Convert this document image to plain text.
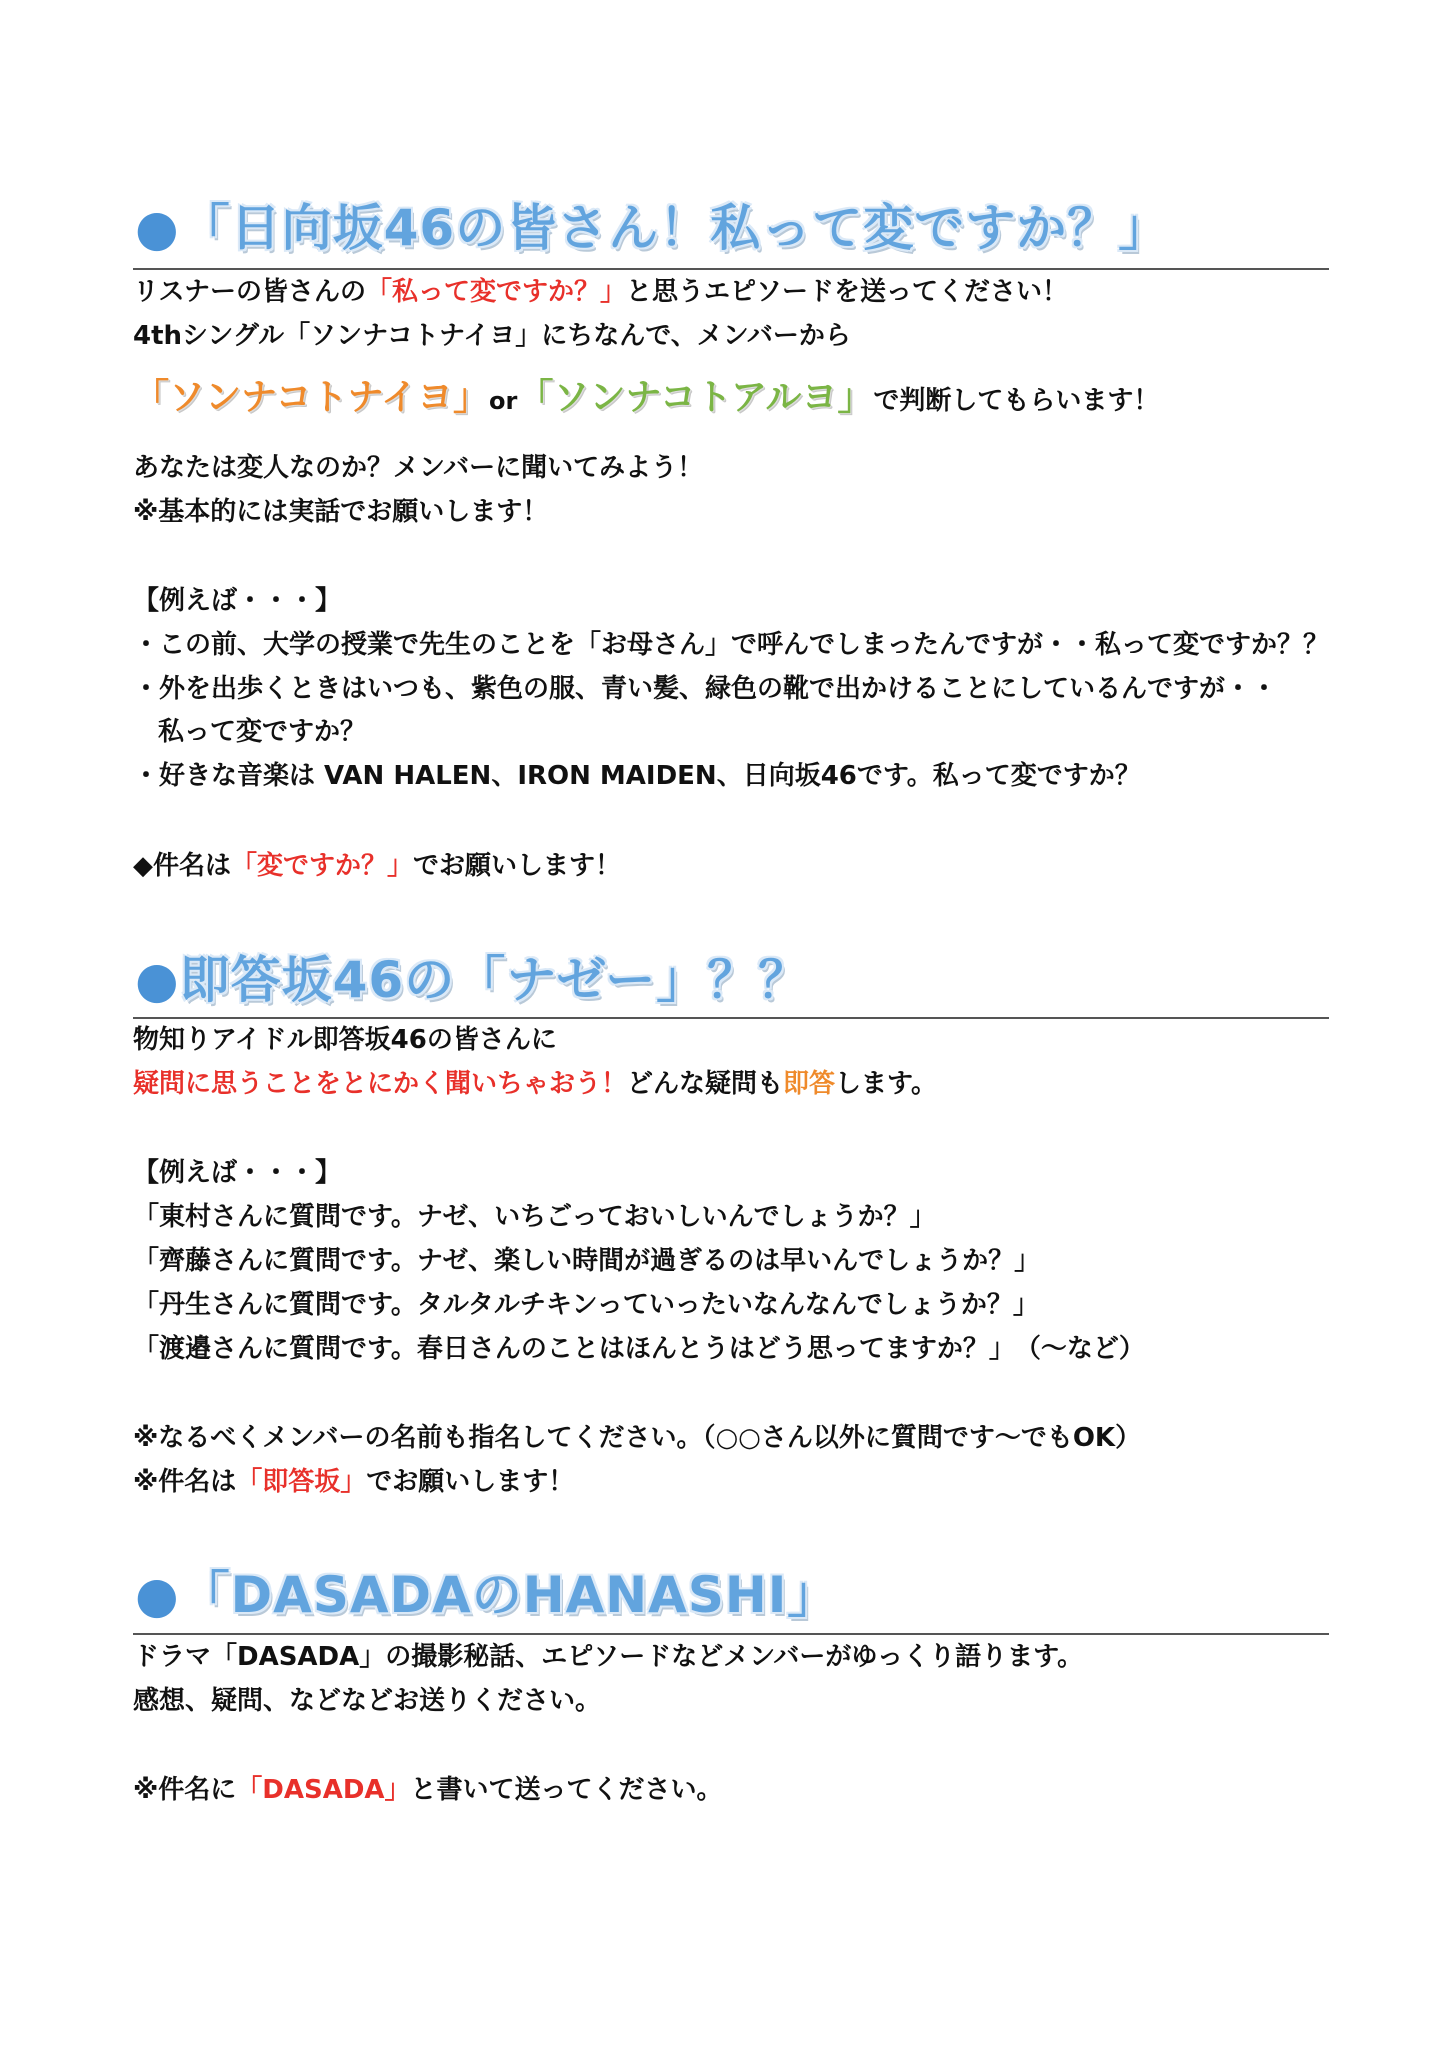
●「日向坂46の皆さん！私って変ですか？」
リスナーの皆さんの「私って変ですか？」と思うエピソードを送ってください！
4thシングル「ソンナコトナイヨ」にちなんで、メンバーから
「ソンナコトナイヨ」or「ソンナコトアルヨ」で判断してもらいます！
あなたは変人なのか？メンバーに聞いてみよう！
※基本的には実話でお願いします！
【例えば・・・】
・この前、大学の授業で先生のことを「お母さん」で呼んでしまったんですが・・私って変ですか？？
・外を出歩くときはいつも、紫色の服、青い髪、緑色の靴で出かけることにしているんですが・・
私って変ですか？
・好きな音楽は VAN HALEN、IRON MAIDEN、日向坂46です。私って変ですか？
◆件名は「変ですか？」でお願いします！
●即答坂46の「ナゼー」？？
物知りアイドル即答坂46の皆さんに
疑問に思うことをとにかく聞いちゃおう！どんな疑問も即答します。
【例えば・・・】
「東村さんに質問です。ナゼ、いちごっておいしいんでしょうか？」
「齊藤さんに質問です。ナゼ、楽しい時間が過ぎるのは早いんでしょうか？」
「丹生さんに質問です。タルタルチキンっていったいなんなんでしょうか？」
「渡邉さんに質問です。春日さんのことはほんとうはどう思ってますか？」　（～など）
※なるべくメンバーの名前も指名してください。（○○さん以外に質問です～でもOK）
※件名は「即答坂」でお願いします！
●「DASADAのHANASHI」
ドラマ「DASADA」の撮影秘話、エピソードなどメンバーがゆっくり語ります。
感想、疑問、などなどお送りください。
※件名に「DASADA」と書いて送ってください。
